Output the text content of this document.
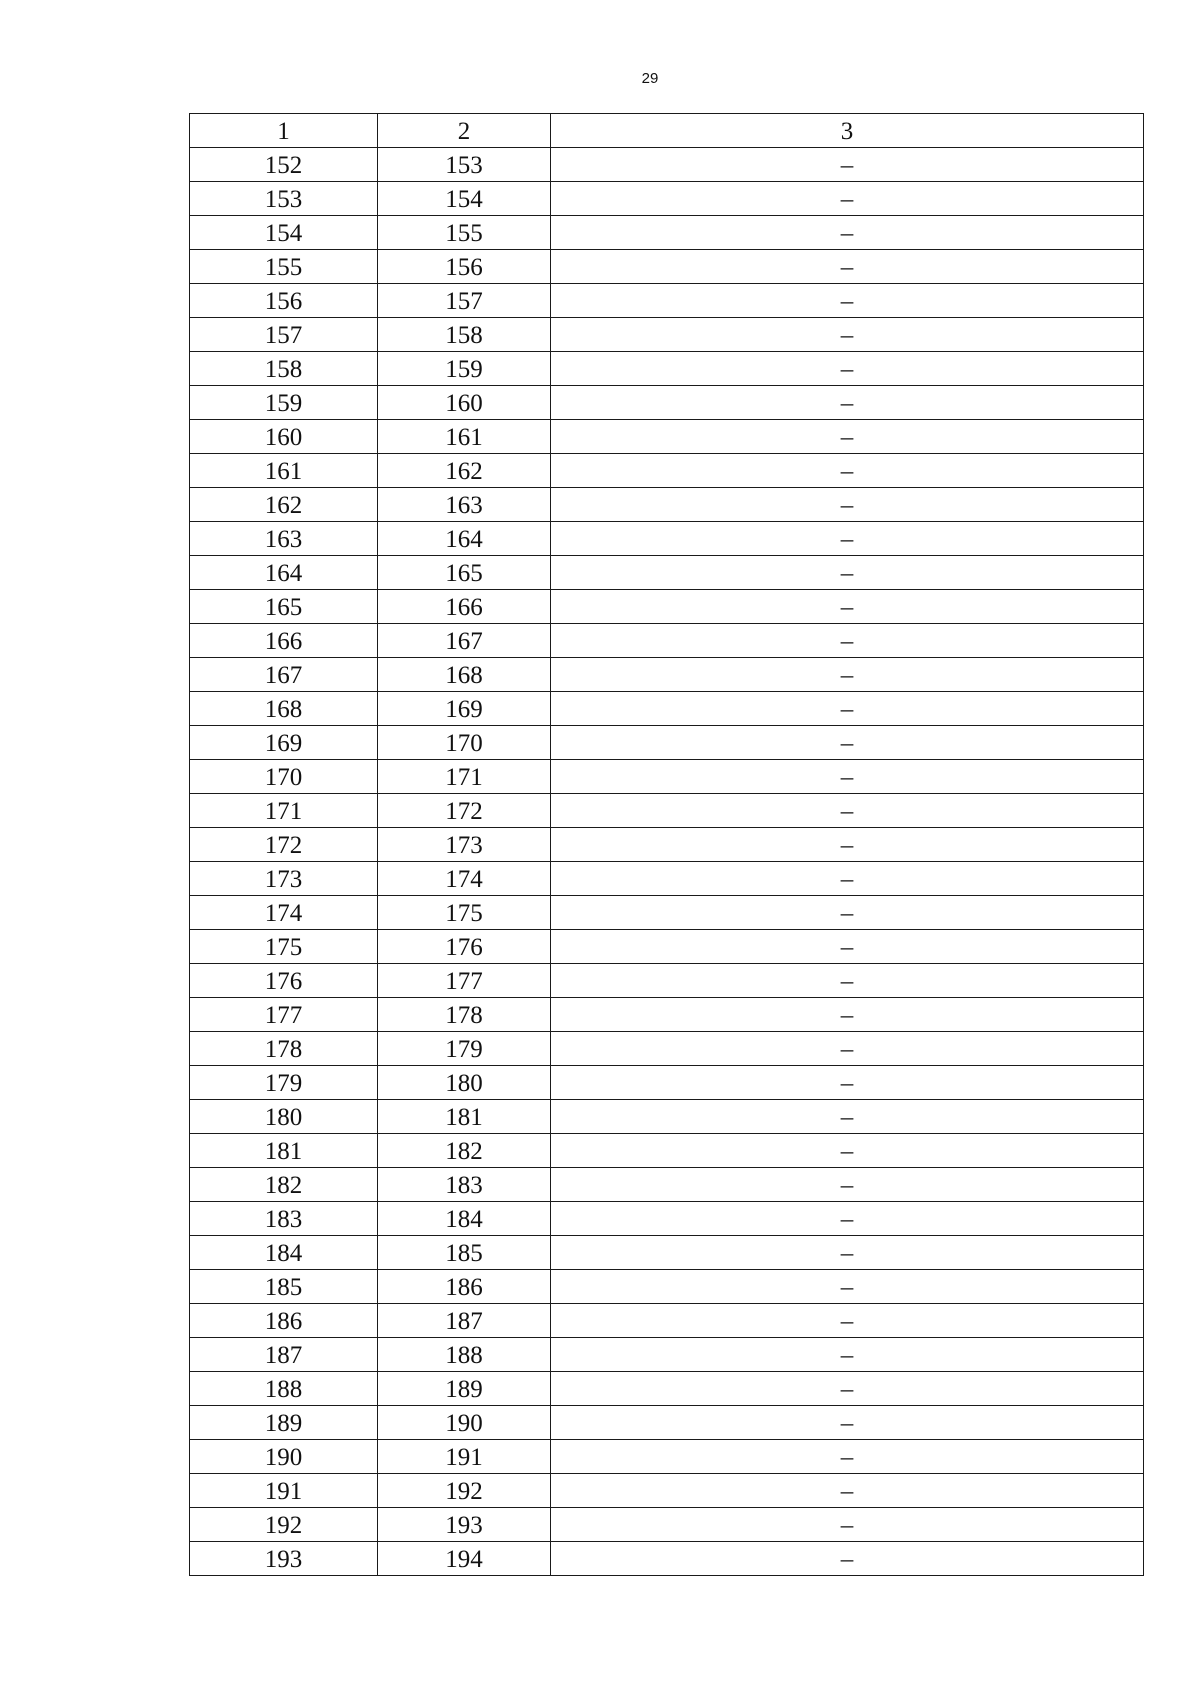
29
1	2	3
152	153	–
153	154	–
154	155	–
155	156	–
156	157	–
157	158	–
158	159	–
159	160	–
160	161	–
161	162	–
162	163	–
163	164	–
164	165	–
165	166	–
166	167	–
167	168	–
168	169	–
169	170	–
170	171	–
171	172	–
172	173	–
173	174	–
174	175	–
175	176	–
176	177	–
177	178	–
178	179	–
179	180	–
180	181	–
181	182	–
182	183	–
183	184	–
184	185	–
185	186	–
186	187	–
187	188	–
188	189	–
189	190	–
190	191	–
191	192	–
192	193	–
193	194	–
